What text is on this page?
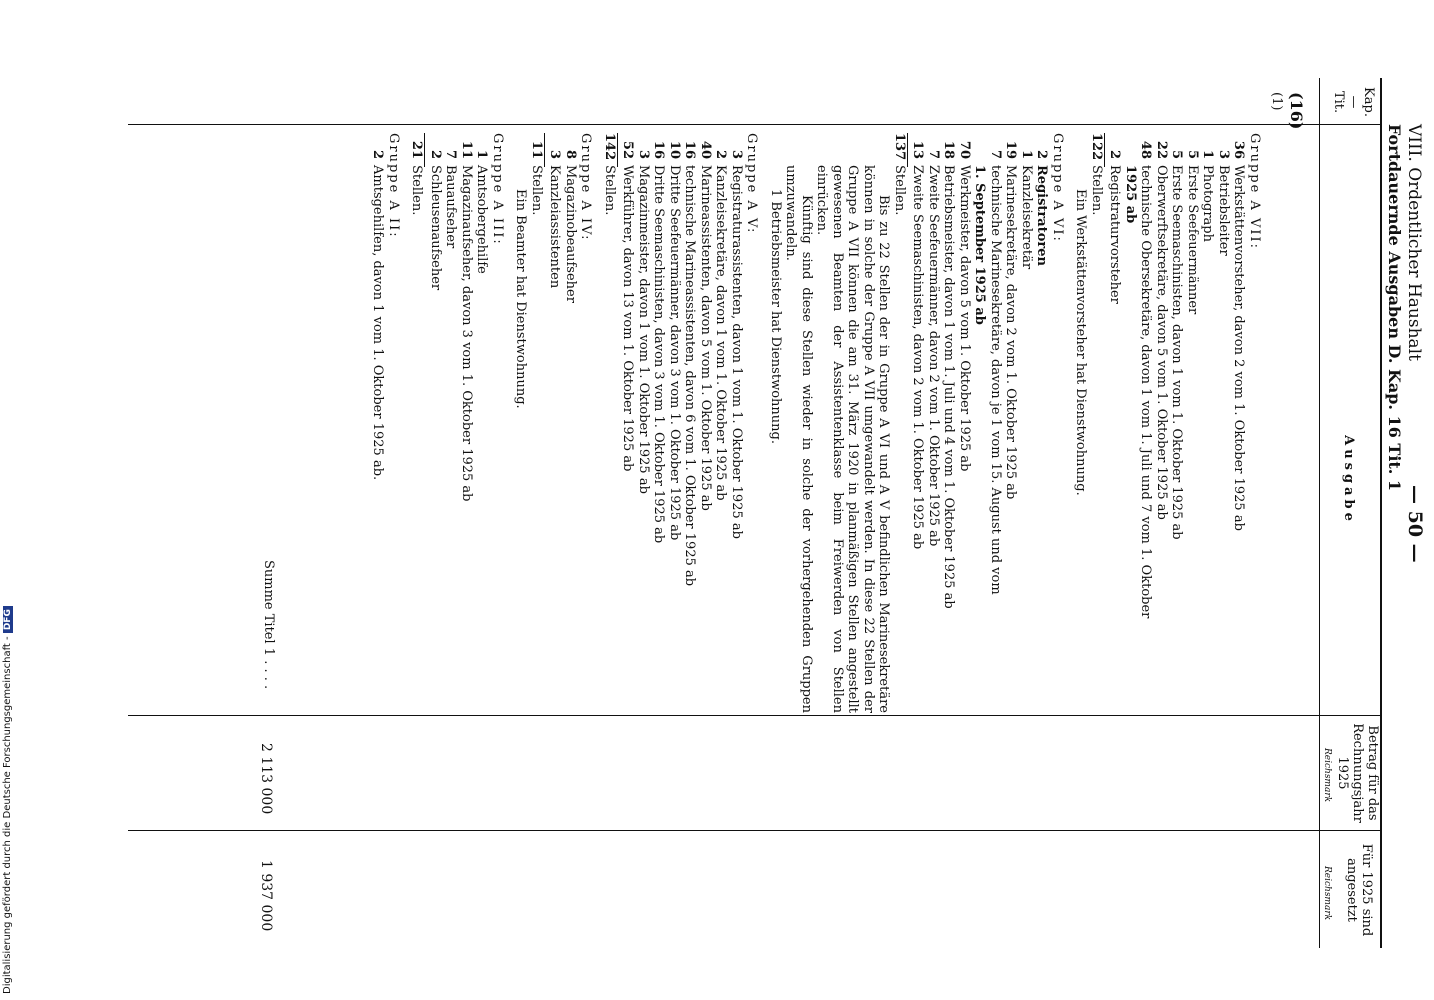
— 50 —
VIII. Ordentlicher Haushalt
Fortdauernde Ausgaben D. Kap. 16 Tit. 1
Kap.
—
Tit.
Ausgabe
Betrag für das Rechnungsjahr 1925
Reichsmark
Für 1925 sind angesetzt
Reichsmark
(16)
(1)
Gruppe A VII:
36Werkstättenvorsteher, davon 2 vom 1. Oktober 1925 ab
3Betriebsleiter
1Photograph
5Erste Seefeuermänner
5Erste Seemaschinisten, davon 1 vom 1. Oktober 1925 ab
22Oberwerftsekretäre, davon 5 vom 1. Oktober 1925 ab
48technische Obersekretäre, davon 1 vom 1. Juli und 7 vom 1. Oktober
1925 ab
2Registraturvorsteher
122Stellen.
Ein Werkstättenvorsteher hat Dienstwohnung.
Gruppe A VI:
2Registratoren
1Kanzleisekretär
19Marinesekretäre, davon 2 vom 1. Oktober 1925 ab
7technische Marinesekretäre, davon je 1 vom 15. August und vom
1. September 1925 ab
70Werkmeister, davon 5 vom 1. Oktober 1925 ab
18Betriebsmeister, davon 1 vom 1. Juli und 4 vom 1. Oktober 1925 ab
7Zweite Seefeuermänner, davon 2 vom 1. Oktober 1925 ab
13Zweite Seemaschinisten, davon 2 vom 1. Oktober 1925 ab
137Stellen.
Bis zu 22 Stellen der in Gruppe A VI und A V befindlichen Marinesekretäre können in solche der Gruppe A VII umgewandelt werden. In diese 22 Stellen der Gruppe A VII können die am 31. März 1920 in planmäßigen Stellen angestellt gewesenen Beamten der Assistentenklasse beim Freiwerden von Stellen einrücken.
Künftig sind diese Stellen wieder in solche der vorhergehenden Gruppen umzuwandeln.
1 Betriebsmeister hat Dienstwohnung.
Gruppe A V:
3Registraturassistenten, davon 1 vom 1. Oktober 1925 ab
2Kanzleisekretäre, davon 1 vom 1. Oktober 1925 ab
40Marineassistenten, davon 5 vom 1. Oktober 1925 ab
16technische Marineassistenten, davon 6 vom 1. Oktober 1925 ab
10Dritte Seefeuermänner, davon 3 vom 1. Oktober 1925 ab
16Dritte Seemaschinisten, davon 3 vom 1. Oktober 1925 ab
3Magazinmeister, davon 1 vom 1. Oktober 1925 ab
52Werkführer, davon 13 vom 1. Oktober 1925 ab
142Stellen.
Gruppe A IV:
8Magazinobeaufseher
3Kanzleiassistenten
11Stellen.
Ein Beamter hat Dienstwohnung.
Gruppe A III:
1Amtsobergehilfe
11Magazinaufseher, davon 3 vom 1. Oktober 1925 ab
7Bauaufseher
2Schleusenaufseher
21Stellen.
Gruppe A II:
2Amtsgehilfen, davon 1 vom 1. Oktober 1925 ab.
Summe Titel 1 . . . .
2 113 000
1 937 000
Digitalisierung gefördert durch die Deutsche Forschungsgemeinschaft - DFG
